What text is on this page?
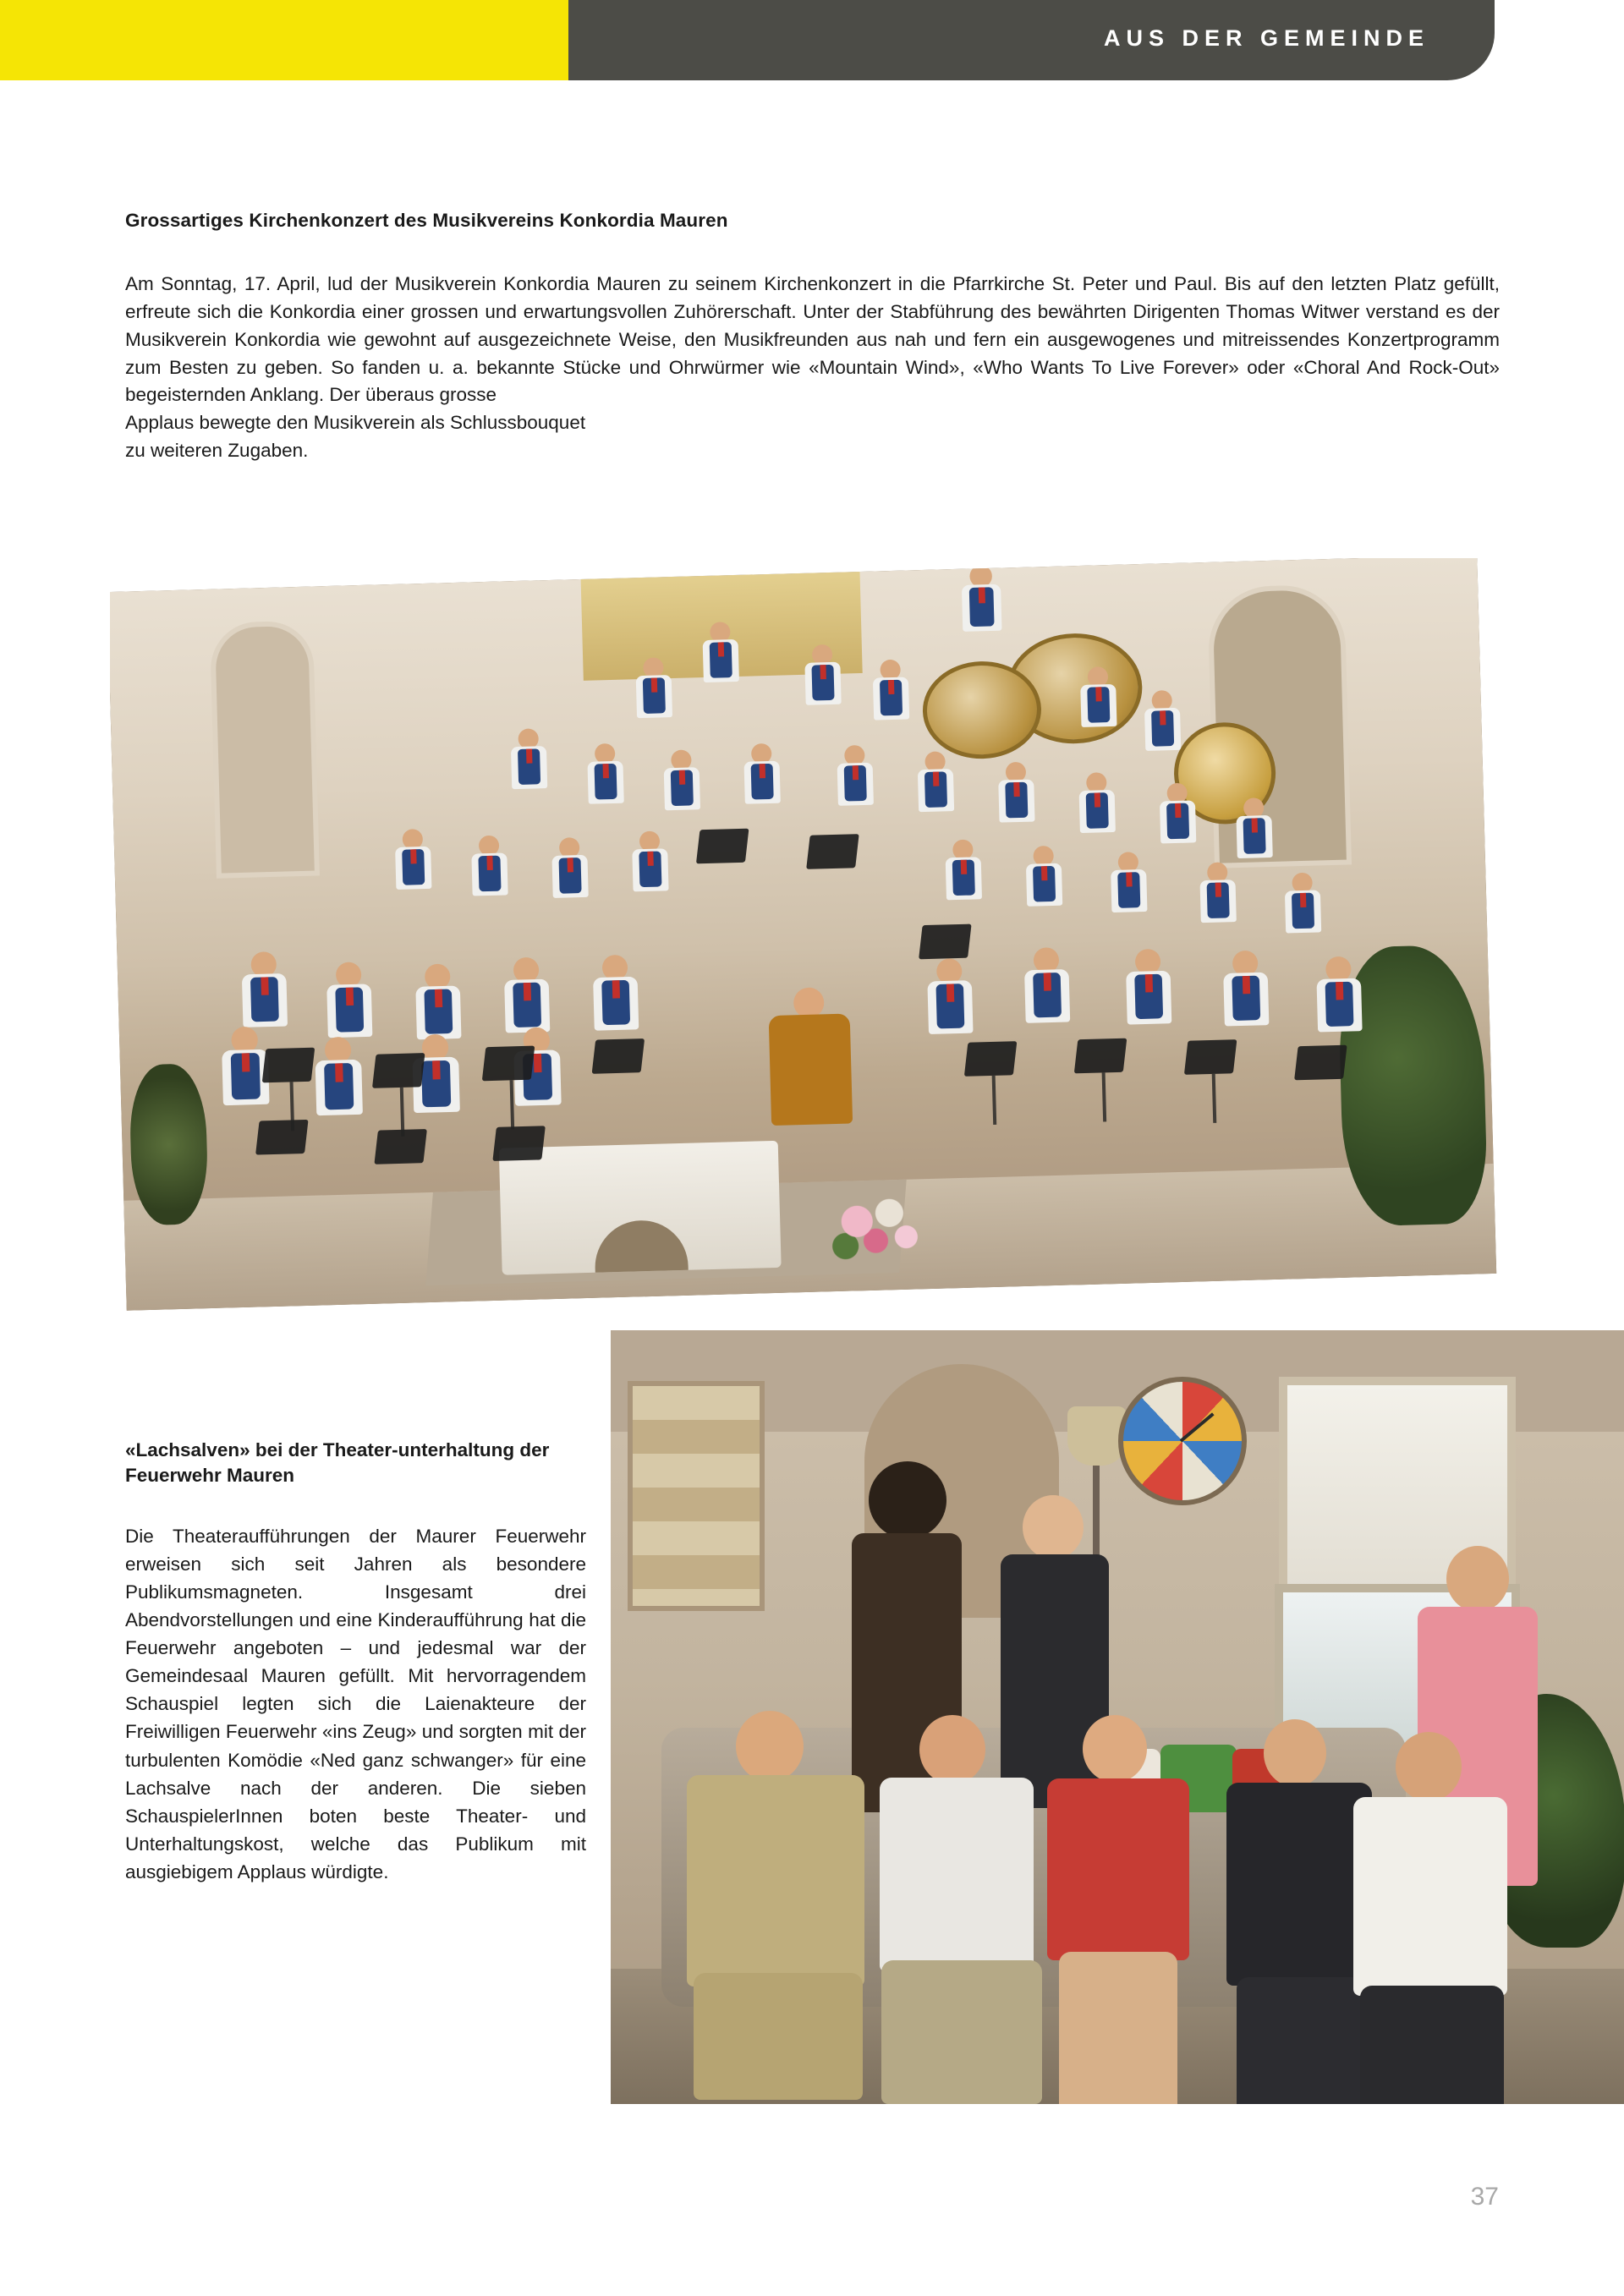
AUS DER GEMEINDE
Grossartiges Kirchenkonzert des Musikvereins Konkordia Mauren
Am Sonntag, 17. April, lud der Musikverein Konkordia Mauren zu seinem Kirchenkonzert in die Pfarrkirche St. Peter und Paul. Bis auf den letzten Platz gefüllt, erfreute sich die Konkordia einer grossen und erwartungsvollen Zuhörerschaft. Unter der Stabführung des bewährten Dirigenten Thomas Witwer verstand es der Musikverein Konkordia wie gewohnt auf ausgezeichnete Weise, den Musikfreunden aus nah und fern ein ausgewogenes und mitreissendes Konzertprogramm zum Besten zu geben. So fanden u. a. bekannte Stücke und Ohrwürmer wie «Mountain Wind», «Who Wants To Live Forever» oder «Choral And Rock-Out» begeisternden Anklang. Der überaus grosse
Applaus bewegte den Musikverein als Schlussbouquet
zu weiteren Zugaben.
«Lachsalven» bei der Theater-unterhaltung der Feuerwehr Mauren
Die Theateraufführungen der Maurer Feuerwehr erweisen sich seit Jahren als besondere Publikumsmagneten. Insgesamt drei Abendvorstellungen und eine Kinderaufführung hat die Feuerwehr angeboten – und jedesmal war der Gemeindesaal Mauren gefüllt. Mit hervorragendem Schauspiel legten sich die Laienakteure der Freiwilligen Feuerwehr «ins Zeug» und sorgten mit der turbulenten Komödie «Ned ganz schwanger» für eine Lachsalve nach der anderen. Die sieben SchauspielerInnen boten beste Theater- und Unterhaltungskost, welche das Publikum mit ausgiebigem Applaus würdigte.
37
